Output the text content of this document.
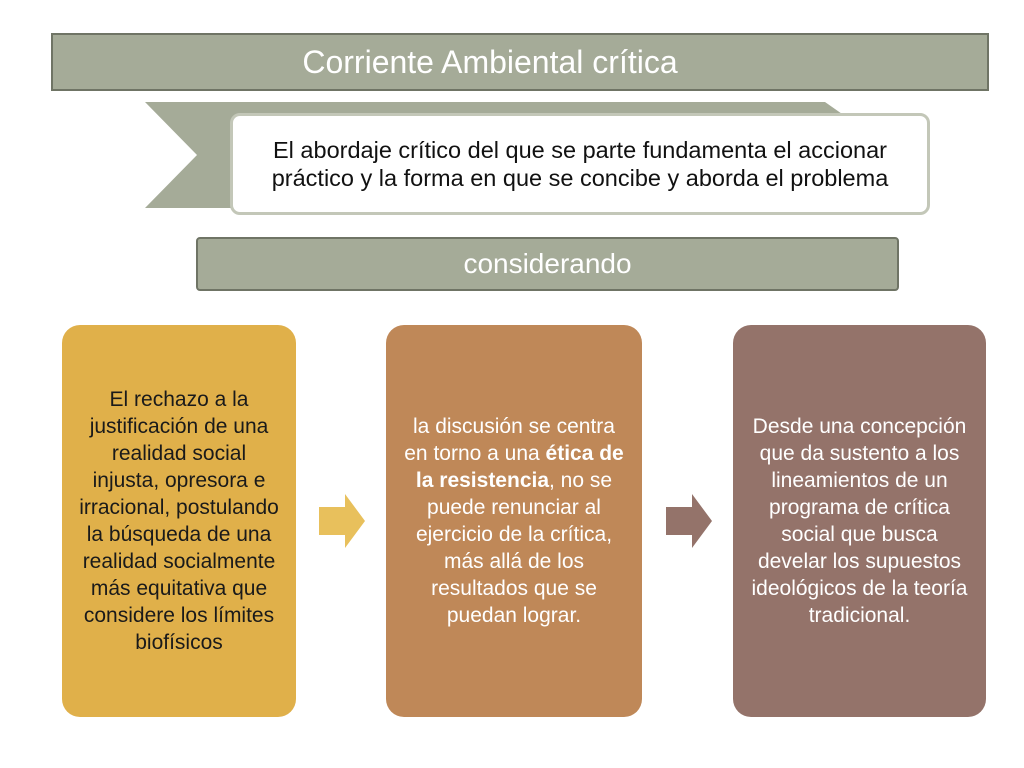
Corriente Ambiental crítica
El abordaje crítico del que se parte fundamenta el accionar práctico y la forma en que se concibe y aborda el problema
considerando
El rechazo a la justificación de una realidad social injusta, opresora e irracional, postulando la búsqueda de una realidad socialmente más equitativa que considere los límites biofísicos
la discusión se centra en torno a una ética de la resistencia, no se puede renunciar al ejercicio de la crítica, más allá de los resultados que se puedan lograr.
Desde una concepción que da sustento a los lineamientos de un programa de crítica social que busca develar los supuestos ideológicos de la teoría tradicional.
